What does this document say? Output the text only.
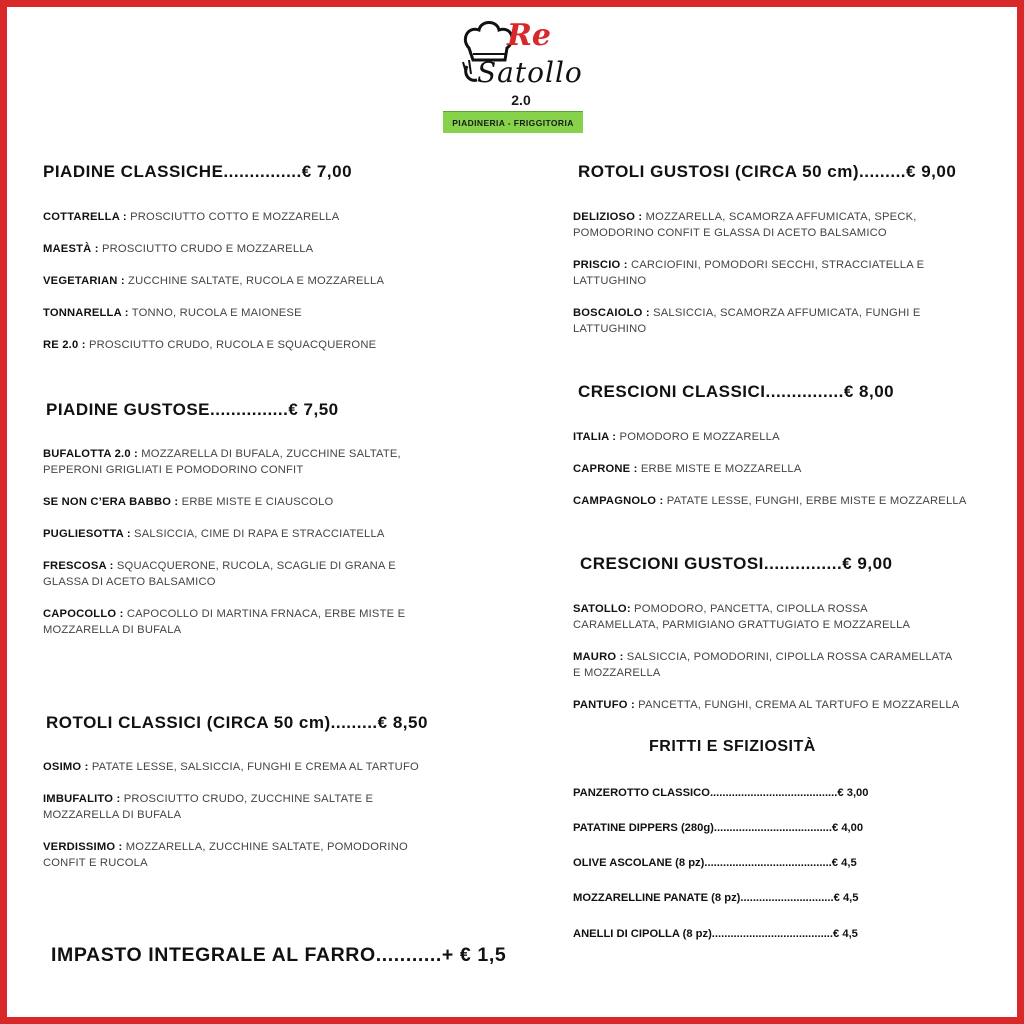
Re
Satollo
2.0
PIADINERIA - FRIGGITORIA
PIADINE CLASSICHE...............€ 7,00
COTTARELLA : PROSCIUTTO COTTO E MOZZARELLA
MAESTÀ : PROSCIUTTO CRUDO E MOZZARELLA
VEGETARIAN : ZUCCHINE SALTATE, RUCOLA E MOZZARELLA
TONNARELLA : TONNO, RUCOLA E MAIONESE
RE 2.0 : PROSCIUTTO CRUDO, RUCOLA E SQUACQUERONE
PIADINE GUSTOSE...............€ 7,50
BUFALOTTA 2.0 : MOZZARELLA DI BUFALA, ZUCCHINE SALTATE, PEPERONI GRIGLIATI E POMODORINO CONFIT
SE NON C’ERA BABBO : ERBE MISTE E CIAUSCOLO
PUGLIESOTTA : SALSICCIA, CIME DI RAPA E STRACCIATELLA
FRESCOSA : SQUACQUERONE, RUCOLA, SCAGLIE DI GRANA E GLASSA DI ACETO BALSAMICO
CAPOCOLLO : CAPOCOLLO DI MARTINA FRNACA, ERBE MISTE E MOZZARELLA DI BUFALA
ROTOLI CLASSICI (CIRCA 50 cm).........€ 8,50
OSIMO : PATATE LESSE, SALSICCIA, FUNGHI E CREMA AL TARTUFO
IMBUFALITO : PROSCIUTTO CRUDO, ZUCCHINE SALTATE E MOZZARELLA DI BUFALA
VERDISSIMO : MOZZARELLA, ZUCCHINE SALTATE, POMODORINO CONFIT E RUCOLA
IMPASTO INTEGRALE AL FARRO...........+ € 1,5
ROTOLI GUSTOSI (CIRCA 50 cm).........€ 9,00
DELIZIOSO : MOZZARELLA, SCAMORZA AFFUMICATA, SPECK, POMODORINO CONFIT E GLASSA DI ACETO BALSAMICO
PRISCIO : CARCIOFINI, POMODORI SECCHI, STRACCIATELLA E LATTUGHINO
BOSCAIOLO : SALSICCIA, SCAMORZA AFFUMICATA, FUNGHI E LATTUGHINO
CRESCIONI CLASSICI...............€ 8,00
ITALIA : POMODORO E MOZZARELLA
CAPRONE : ERBE MISTE E MOZZARELLA
CAMPAGNOLO : PATATE LESSE, FUNGHI, ERBE MISTE E MOZZARELLA
CRESCIONI GUSTOSI...............€ 9,00
SATOLLO: POMODORO, PANCETTA, CIPOLLA ROSSA CARAMELLATA, PARMIGIANO GRATTUGIATO E MOZZARELLA
MAURO : SALSICCIA, POMODORINI, CIPOLLA ROSSA CARAMELLATA E MOZZARELLA
PANTUFO : PANCETTA, FUNGHI, CREMA AL TARTUFO E MOZZARELLA
FRITTI E SFIZIOSITÀ
PANZEROTTO CLASSICO.........................................€ 3,00
PATATINE DIPPERS (280g)......................................€ 4,00
OLIVE ASCOLANE (8 pz).........................................€ 4,5
MOZZARELLINE PANATE (8 pz)..............................€ 4,5
ANELLI DI CIPOLLA (8 pz).......................................€ 4,5
